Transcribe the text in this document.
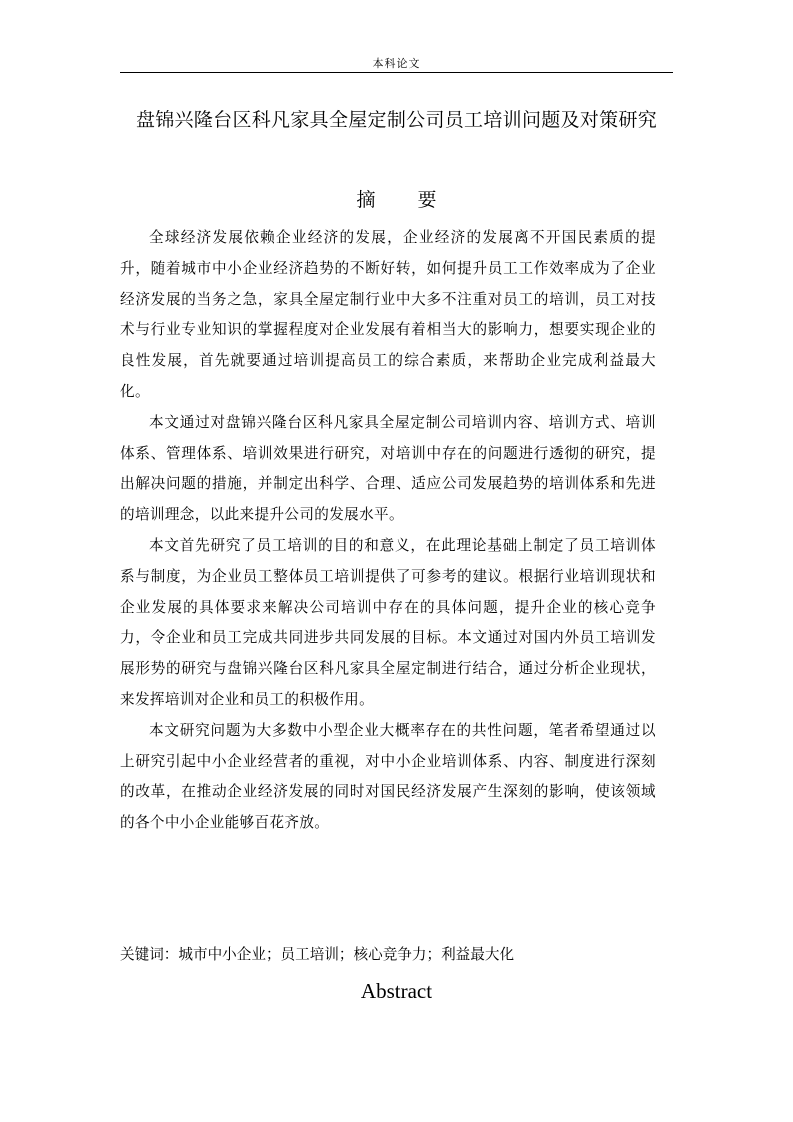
本科论文
盘锦兴隆台区科凡家具全屋定制公司员工培训问题及对策研究
摘 要

全球经济发展依赖企业经济的发展，企业经济的发展离不开国民素质的提升，随着城市中小企业经济趋势的不断好转，如何提升员工工作效率成为了企业经济发展的当务之急，家具全屋定制行业中大多不注重对员工的培训，员工对技术与行业专业知识的掌握程度对企业发展有着相当大的影响力，想要实现企业的良性发展，首先就要通过培训提高员工的综合素质，来帮助企业完成利益最大化。

本文通过对盘锦兴隆台区科凡家具全屋定制公司培训内容、培训方式、培训体系、管理体系、培训效果进行研究，对培训中存在的问题进行透彻的研究，提出解决问题的措施，并制定出科学、合理、适应公司发展趋势的培训体系和先进的培训理念，以此来提升公司的发展水平。

本文首先研究了员工培训的目的和意义，在此理论基础上制定了员工培训体系与制度，为企业员工整体员工培训提供了可参考的建议。根据行业培训现状和企业发展的具体要求来解决公司培训中存在的具体问题，提升企业的核心竞争力，令企业和员工完成共同进步共同发展的目标。本文通过对国内外员工培训发展形势的研究与盘锦兴隆台区科凡家具全屋定制进行结合，通过分析企业现状，来发挥培训对企业和员工的积极作用。

本文研究问题为大多数中小型企业大概率存在的共性问题，笔者希望通过以上研究引起中小企业经营者的重视，对中小企业培训体系、内容、制度进行深刻的改革，在推动企业经济发展的同时对国民经济发展产生深刻的影响，使该领域的各个中小企业能够百花齐放。

关键词：城市中小企业；员工培训；核心竞争力；利益最大化
Abstract
